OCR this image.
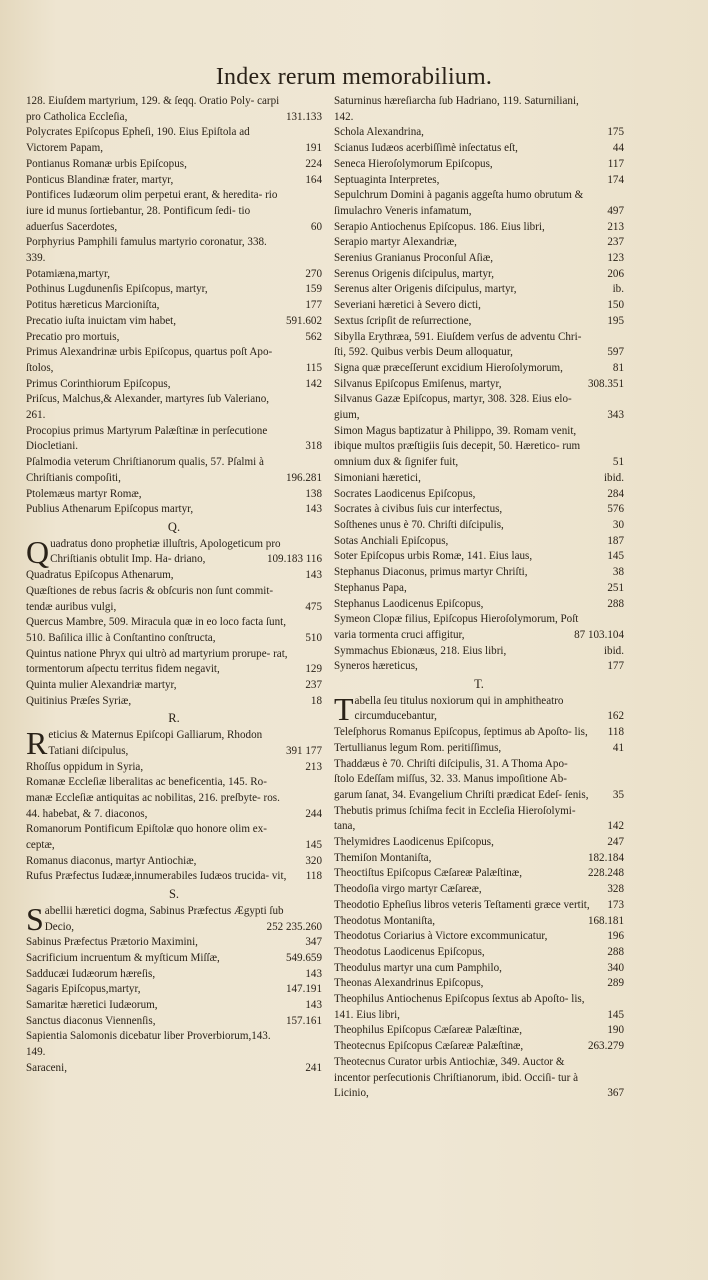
Index rerum memorabilium.
128. Eiuſdem martyrium, 129. & ſeqq. Oratio Poly- carpi pro Catholica Eccleſia,	131.133
Polycrates Epiſcopus Epheſi, 190. Eius Epiſtola ad Victorem Papam,	191
Pontianus Romanæ urbis Epiſcopus,	224
Ponticus Blandinæ frater, martyr,	164
Pontifices Iudæorum olim perpetui erant, & heredita- rio iure id munus ſortiebantur, 28. Pontificum ſedi- tio aduerſus Sacerdotes,	60
Porphyrius Pamphili famulus martyrio coronatur, 338. 339.
Potamiæna,martyr,	270
Pothinus Lugdunenſis Epiſcopus, martyr,	159
Potitus hæreticus Marcioniſta,	177
Precatio iuſta inuictam vim habet,	591.602
Precatio pro mortuis,	562
Primus Alexandrinæ urbis Epiſcopus, quartus poſt Apo- ſtolos,	115
Primus Corinthiorum Epiſcopus,	142
Priſcus, Malchus,& Alexander, martyres ſub Valeriano, 261.
Procopius primus Martyrum Palæſtinæ in perſecutione Diocletiani.	318
Pſalmodia veterum Chriſtianorum qualis, 57. Pſalmi à Chriſtianis compoſiti,	196.281
Ptolemæus martyr Romæ,	138
Publius Athenarum Epiſcopus martyr,	143
Q.
Q uadratus dono prophetiæ illuſtris, Apologeticum pro Chriſtianis obtulit Imp. Ha- driano,	109.183 116
Quadratus Epiſcopus Athenarum,	143
Quæſtiones de rebus ſacris & obſcuris non ſunt commit- tendæ auribus vulgi,	475
Quercus Mambre, 509. Miracula quæ in eo loco facta ſunt, 510. Baſilica illic à Conſtantino conſtructa,	510
Quintus natione Phryx qui ultrò ad martyrium prorupe- rat, tormentorum aſpectu territus fidem negavit,	129
Quinta mulier Alexandriæ martyr,	237
Quitinius Præſes Syriæ,	18
R.
R eticius & Maternus Epiſcopi Galliarum, Rhodon Tatiani diſcipulus,	391 177
Rhoſſus oppidum in Syria,	213
Romanæ Eccleſiæ liberalitas ac beneficentia, 145. Ro- manæ Eccleſiæ antiquitas ac nobilitas, 216. preſbyte- ros. 44. habebat, & 7. diaconos,	244
Romanorum Pontificum Epiſtolæ quo honore olim ex- ceptæ,	145
Romanus diaconus, martyr Antiochiæ,	320
Rufus Præfectus Iudææ,innumerabiles Iudæos trucida- vit, 118
S.
S abellii hæretici dogma, Sabinus Præfectus Ægypti ſub Decio,	252 235.260
Sabinus Præfectus Prætorio Maximini,	347
Sacrificium incruentum & myſticum Miſſæ,	549.659
Sadducæi Iudæorum hæreſis,	143
Sagaris Epiſcopus,martyr,	147.191
Samaritæ hæretici Iudæorum,	143
Sanctus diaconus Viennenſis,	157.161
Sapientia Salomonis dicebatur liber Proverbiorum,143. 149.
Saraceni,	241
Saturninus hæreſiarcha ſub Hadriano, 119. Saturniliani, 142.
Schola Alexandrina,	175
Scianus Iudæos acerbiſſimè inſectatus eſt,	44
Seneca Hieroſolymorum Epiſcopus,	117
Septuaginta Interpretes,	174
Sepulchrum Domini à paganis aggeſta humo obrutum & ſimulachro Veneris infamatum,	497
Serapio Antiochenus Epiſcopus. 186. Eius libri,	213
Serapio martyr Alexandriæ,	237
Serenius Granianus Proconſul Aſiæ,	123
Serenus Origenis diſcipulus, martyr,	206
Serenus alter Origenis diſcipulus, martyr,	ib.
Severiani hæretici à Severo dicti,	150
Sextus ſcripſit de reſurrectione,	195
Sibylla Erythræa, 591. Eiuſdem verſus de adventu Chri- ſti, 592. Quibus verbis Deum alloquatur,	597
Signa quæ præceſſerunt excidium Hieroſolymorum,	81
Silvanus Epiſcopus Emiſenus, martyr,	308.351
Silvanus Gazæ Epiſcopus, martyr, 308. 328. Eius elo- gium,	343
Simon Magus baptizatur à Philippo, 39. Romam venit, ibique multos præſtigiis ſuis decepit, 50. Hæretico- rum omnium dux & ſignifer fuit,	51
Simoniani hæretici,	ibid.
Socrates Laodicenus Epiſcopus,	284
Socrates à civibus ſuis cur interfectus,	576
Soſthenes unus è 70. Chriſti diſcipulis,	30
Sotas Anchiali Epiſcopus,	187
Soter Epiſcopus urbis Romæ, 141. Eius laus,	145
Stephanus Diaconus, primus martyr Chriſti,	38
Stephanus Papa,	251
Stephanus Laodicenus Epiſcopus,	288
Symeon Clopæ filius, Epiſcopus Hieroſolymorum, Poſt varia tormenta cruci affigitur,	87 103.104
Symmachus Ebionæus, 218. Eius libri,	ibid.
Syneros hæreticus,	177
T.
T abella ſeu titulus noxiorum qui in amphitheatro circumducebantur,	162
Teleſphorus Romanus Epiſcopus, ſeptimus ab Apoſto- lis, 118
Tertullianus legum Rom. peritiſſimus,	41
Thaddæus è 70. Chriſti diſcipulis, 31. A Thoma Apo- ſtolo Edeſſam miſſus, 32. 33. Manus impoſitione Ab- garum ſanat, 34. Evangelium Chriſti prædicat Edeſ- ſenis, 35
Thebutis primus ſchiſma fecit in Eccleſia Hieroſolymi- tana,	142
Thelymidres Laodicenus Epiſcopus,	247
Themiſon Montaniſta,	182.184
Theoctiſtus Epiſcopus Cæſareæ Palæſtinæ,	228.248
Theodoſia virgo martyr Cæſareæ,	328
Theodotio Epheſius libros veteris Teſtamenti græce vertit, 173
Theodotus Montaniſta,	168.181
Theodotus Coriarius à Victore excommunicatur,	196
Theodotus Laodicenus Epiſcopus,	288
Theodulus martyr una cum Pamphilo,	340
Theonas Alexandrinus Epiſcopus,	289
Theophilus Antiochenus Epiſcopus ſextus ab Apoſto- lis, 141. Eius libri,	145
Theophilus Epiſcopus Cæſareæ Palæſtinæ,	190
Theotecnus Epiſcopus Cæſareæ Palæſtinæ,	263.279
Theotecnus Curator urbis Antiochiæ, 349. Auctor & incentor perſecutionis Chriſtianorum, ibid. Occiſi- tur à Licinio,	367
